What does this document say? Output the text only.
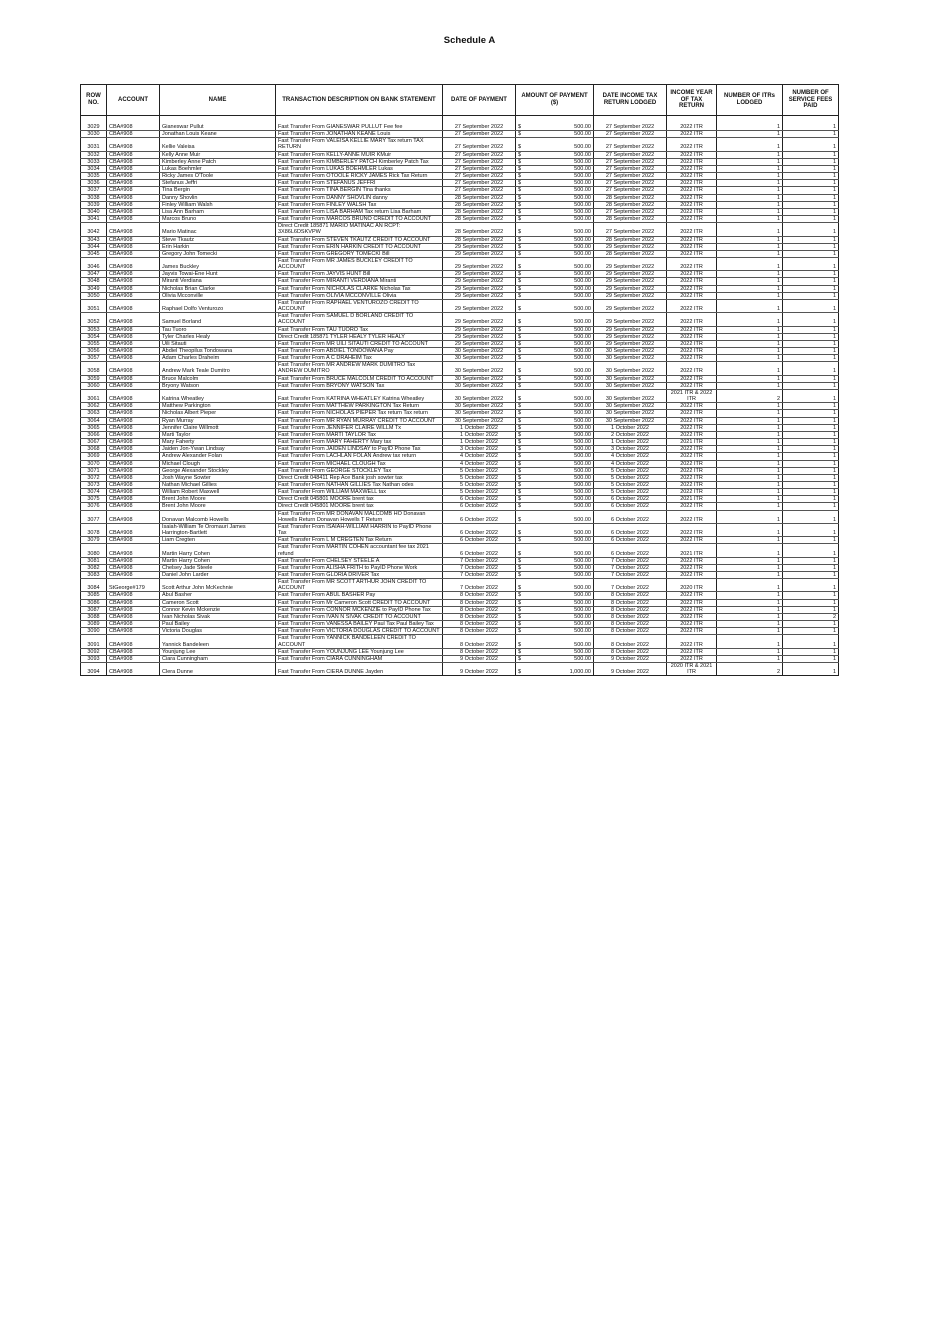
Schedule A
ROW NO.	ACCOUNT	NAME	TRANSACTION DESCRIPTION ON BANK STATEMENT	DATE OF PAYMENT	AMOUNT OF PAYMENT ($)	DATE INCOME TAX RETURN LODGED	INCOME YEAR OF TAX RETURN	NUMBER OF ITRs LODGED	NUMBER OF SERVICE FEES PAID

3029	CBA#908	Gianeswar Pullut	Fast Transfer From GIANESWAR PULLUT Fee fee	27 September 2022	$ 500.00	27 September 2022	2022 ITR	1	1
3030	CBA#908	Jonathan Louis Keane	Fast Transfer From JONATHAN KEANE Louis	27 September 2022	$ 500.00	27 September 2022	2022 ITR	1	1
3031	CBA#908	Kellie Valeisa	Fast Transfer From VALEISA KELLIE MARY Tax return TAX RETURN	27 September 2022	$ 500.00	27 September 2022	2022 ITR	1	1
3032	CBA#908	Kelly Anne Muir	Fast Transfer From KELLY-ANNE MUIR KMuir	27 September 2022	$ 500.00	27 September 2022	2022 ITR	1	1
3033	CBA#908	Kimberley Anne Patch	Fast Transfer From KIMBERLEY PATCH Kimberley Patch Tax	27 September 2022	$ 500.00	27 September 2022	2022 ITR	1	1
3034	CBA#908	Lukas Boehmler	Fast Transfer From LUKAS BOEHMLER Lukas	27 September 2022	$ 500.00	27 September 2022	2022 ITR	1	1
3035	CBA#908	Ricky James O'Toole	Fast Transfer From OTOOLE RICKY JAMES Rick Tax Return	27 September 2022	$ 500.00	27 September 2022	2022 ITR	1	1
3036	CBA#908	Stefanus Jeffri	Fast Transfer From STEFANUS JEFFRI	27 September 2022	$ 500.00	27 September 2022	2022 ITR	1	1
3037	CBA#908	Tina Bergin	Fast Transfer From TINA BERGIN Tina thanks	27 September 2022	$ 500.00	27 September 2022	2022 ITR	1	1
3038	CBA#908	Danny Shovlin	Fast Transfer From DANNY SHOVLIN danny	28 September 2022	$ 500.00	28 September 2022	2022 ITR	1	1
3039	CBA#908	Finley William Walsh	Fast Transfer From FINLEY WALSH Tax	28 September 2022	$ 500.00	28 September 2022	2022 ITR	1	1
3040	CBA#908	Lisa Ann Barham	Fast Transfer From LISA BARHAM Tax return Lisa Barham	28 September 2022	$ 500.00	27 September 2022	2022 ITR	1	1
3041	CBA#908	Marcos Bruno	Fast Transfer From MARCOS BRUNO CREDIT TO ACCOUNT	28 September 2022	$ 500.00	28 September 2022	2022 ITR	1	1
3042	CBA#908	Mario Matinac	Direct Credit 185871 MARIO MATINAC AN RCPT: 3X86L6DSKVPW	28 September 2022	$ 500.00	27 September 2022	2022 ITR	1	1
3043	CBA#908	Steve Tkautz	Fast Transfer From STEVEN TKAUTZ CREDIT TO ACCOUNT	28 September 2022	$ 500.00	28 September 2022	2022 ITR	1	1
3044	CBA#908	Erin Harkin	Fast Transfer From ERIN HARKIN CREDIT TO ACCOUNT	29 September 2022	$ 500.00	29 September 2022	2022 ITR	1	1
3045	CBA#908	Gregory John Tomecki	Fast Transfer From GREGORY TOMECKI Bill	29 September 2022	$ 500.00	28 September 2022	2022 ITR	1	1
3046	CBA#908	James Buckley	Fast Transfer From MR JAMES BUCKLEY CREDIT TO ACCOUNT	29 September 2022	$ 500.00	29 September 2022	2022 ITR	1	1
3047	CBA#908	Jayvis Towai-Ene Hunt	Fast Transfer From JAYVIS HUNT Bill	29 September 2022	$ 500.00	29 September 2022	2022 ITR	1	1
3048	CBA#908	Miranti Verdiana	Fast Transfer From MIRANTI VERDIANA Miranti	29 September 2022	$ 500.00	29 September 2022	2022 ITR	1	1
3049	CBA#908	Nicholas Brian Clarke	Fast Transfer From NICHOLAS CLARKE Nicholas Tax	29 September 2022	$ 500.00	29 September 2022	2022 ITR	1	1
3050	CBA#908	Olivia Mcconville	Fast Transfer From OLIVIA MCCONVILLE Olivia	29 September 2022	$ 500.00	29 September 2022	2022 ITR	1	1
3051	CBA#908	Raphael Dolfo Venturozo	Fast Transfer From RAPHAEL VENTUROZO CREDIT TO ACCOUNT	29 September 2022	$ 500.00	29 September 2022	2022 ITR	1	1
3052	CBA#908	Samuel Borland	Fast Transfer From SAMUEL D BORLAND CREDIT TO ACCOUNT	29 September 2022	$ 500.00	29 September 2022	2022 ITR	1	1
3053	CBA#908	Tau Tuoro	Fast Transfer From TAU TUORO Tax	29 September 2022	$ 500.00	29 September 2022	2022 ITR	1	1
3054	CBA#908	Tyler Charles Healy	Direct Credit 185871 TYLER HEALY TYLER HEALY	29 September 2022	$ 500.00	29 September 2022	2022 ITR	1	1
3055	CBA#908	Uili Sitauti	Fast Transfer From MR UILI SITAUTI CREDIT TO ACCOUNT	29 September 2022	$ 500.00	29 September 2022	2022 ITR	1	1
3056	CBA#908	Abdiel Theopilus Tondowana	Fast Transfer From ABDIEL TONDOWANA Pay	30 September 2022	$ 500.00	30 September 2022	2022 ITR	1	1
3057	CBA#908	Adam Charles Draheim	Fast Transfer From A C DRAHEIM Tax	30 September 2022	$ 500.00	30 September 2022	2022 ITR	1	1
3058	CBA#908	Andrew Mark Teale Dumitro	Fast Transfer From MR ANDREW MARK DUMITRO Tax ANDREW DUMITRO	30 September 2022	$ 500.00	30 September 2022	2022 ITR	1	1
3059	CBA#908	Bruce Malcolm	Fast Transfer From BRUCE MALCOLM CREDIT TO ACCOUNT	30 September 2022	$ 500.00	30 September 2022	2022 ITR	1	1
3060	CBA#908	Bryony Watson	Fast Transfer From BRYONY WATSON Tax	30 September 2022	$ 500.00	30 September 2022	2022 ITR	1	1
3061	CBA#908	Katrina Wheatley	Fast Transfer From KATRINA WHEATLEY Katrina Wheatley	30 September 2022	$ 500.00	30 September 2022	2021 ITR & 2022 ITR	2	1
3062	CBA#908	Matthew Parkington	Fast Transfer From MATTHEW PARKINGTON Tax Return	30 September 2022	$ 500.00	30 September 2022	2022 ITR	1	1
3063	CBA#908	Nicholas Albert Pieper	Fast Transfer From NICHOLAS PIEPER Tax return Tax return	30 September 2022	$ 500.00	30 September 2022	2022 ITR	1	1
3064	CBA#908	Ryan Murray	Fast Transfer From MR RYAN MURRAY CREDIT TO ACCOUNT	30 September 2022	$ 500.00	30 September 2022	2022 ITR	1	1
3065	CBA#908	Jennifer Claire Willmott	Fast Transfer From JENNIFER CLAIRE WILLM Tx	1 October 2022	$ 500.00	1 October 2022	2022 ITR	1	1
3066	CBA#908	Marti Taylor	Fast Transfer From MARTI TAYLOR Tax	1 October 2022	$ 500.00	2 October 2022	2022 ITR	1	1
3067	CBA#908	Mary Faherty	Fast Transfer From MARY FAHERTY Mary tax	1 October 2022	$ 500.00	1 October 2022	2021 ITR	1	1
3068	CBA#908	Jaiden Jon-Ywan Lindsay	Fast Transfer From JAIDEN LINDSAY to PayID Phone Tax	3 October 2022	$ 500.00	3 October 2022	2022 ITR	1	1
3069	CBA#908	Andrew Alexander Folan	Fast Transfer From LACHLAN FOLAN Andrew tax return	4 October 2022	$ 500.00	4 October 2022	2022 ITR	1	1
3070	CBA#908	Michael Clough	Fast Transfer From MICHAEL CLOUGH Tax	4 October 2022	$ 500.00	4 October 2022	2022 ITR	1	1
3071	CBA#908	George Alexander Stockley	Fast Transfer From GEORGE STOCKLEY Tax	5 October 2022	$ 500.00	5 October 2022	2022 ITR	1	1
3072	CBA#908	Josh Wayne Sowter	Direct Credit 048411 Rep Ace Bank josh sowter tax	5 October 2022	$ 500.00	5 October 2022	2022 ITR	1	1
3073	CBA#908	Nathan Michael Gillies	Fast Transfer From NATHAN GILLIES Tax Nathan odes	5 October 2022	$ 500.00	5 October 2022	2022 ITR	1	1
3074	CBA#908	William Robert Maxwell	Fast Transfer From WILLIAM MAXWELL tax	5 October 2022	$ 500.00	5 October 2022	2022 ITR	1	1
3075	CBA#908	Brent John Moore	Direct Credit 045801 MOORE brent tax	6 October 2022	$ 500.00	6 October 2022	2021 ITR	1	1
3076	CBA#908	Brent John Moore	Direct Credit 045801 MOORE brent tax	6 October 2022	$ 500.00	6 October 2022	2022 ITR	1	1
3077	CBA#908	Donavan Malcomb Howells	Fast Transfer From MR DONAVAN MALCOMB HO Donavan Howells Return Donavan Howells T Return	6 October 2022	$ 500.00	6 October 2022	2022 ITR	1	1
3078	CBA#908	Isaiah-William Te Oromauri James Harrington-Bartlett	Fast Transfer From ISAIAH-WILLIAM HARRIN to PayID Phone Tax	6 October 2022	$ 500.00	6 October 2022	2022 ITR	1	1
3079	CBA#908	Liam Cregten	Fast Transfer From L M CREGTEN Tax Return	6 October 2022	$ 500.00	6 October 2022	2022 ITR	1	1
3080	CBA#908	Martin Harry Cohen	Fast Transfer From MARTIN COHEN accountant fee tax 2021 refund	6 October 2022	$ 500.00	6 October 2022	2021 ITR	1	1
3081	CBA#908	Martin Harry Cohen	Fast Transfer From CHELSEY STEELE A	7 October 2022	$ 500.00	7 October 2022	2022 ITR	1	1
3082	CBA#908	Chelsey Jade Steele	Fast Transfer From ALISHA FRITH to PayID Phone Work	7 October 2022	$ 500.00	7 October 2022	2022 ITR	1	1
3083	CBA#908	Daniel John Larder	Fast Transfer From GLORIA DRIVER Tax	7 October 2022	$ 500.00	7 October 2022	2022 ITR	1	1
3084	StGeorge#179	Scott Arthur John McKechnie	Fast Transfer From MR SCOTT ARTHUR JOHN CREDIT TO ACCOUNT	7 October 2022	$ 500.00	7 October 2022	2020 ITR	1	1
3085	CBA#908	Abul Basher	Fast Transfer From ABUL BASHER Pay	8 October 2022	$ 500.00	8 October 2022	2022 ITR	1	1
3086	CBA#908	Cameron Scott	Fast Transfer From Mr Cameron Scott CREDIT TO ACCOUNT	8 October 2022	$ 500.00	8 October 2022	2022 ITR	1	1
3087	CBA#908	Connor Kevin Mckenzie	Fast Transfer From CONNOR MCKENZIE to PayID Phone Tax	8 October 2022	$ 500.00	8 October 2022	2022 ITR	1	1
3088	CBA#908	Ivan Nicholas Sivak	Fast Transfer From IVAN N SIVAK CREDIT TO ACCOUNT	8 October 2022	$ 500.00	8 October 2022	2022 ITR	1	2
3089	CBA#908	Paul Bailey	Fast Transfer From VANESSA BAILEY Paul Tax Paul Bailey Tax	8 October 2022	$ 500.00	8 October 2022	2022 ITR	1	1
3090	CBA#908	Victoria Douglas	Fast Transfer From VICTORIA DOUGLAS CREDIT TO ACCOUNT	8 October 2022	$ 500.00	8 October 2022	2022 ITR	1	1
3091	CBA#908	Yannick Bandeleen	Fast Transfer From YANNICK BANDELEEN CREDIT TO ACCOUNT	8 October 2022	$ 500.00	8 October 2022	2022 ITR	1	1
3092	CBA#908	Younjung Lee	Fast Transfer From YOUNJUNG LEE Younjung Lee	8 October 2022	$ 500.00	8 October 2022	2022 ITR	1	1
3093	CBA#908	Ciara Cunningham	Fast Transfer From CIARA CUNNINGHAM	9 October 2022	$ 500.00	9 October 2022	2022 ITR	1	1
3094	CBA#908	Clera Dunne	Fast Transfer From CIERA DUNNE Jayden	9 October 2022	$ 1,000.00	9 October 2022	2020 ITR & 2021 ITR	2	1
